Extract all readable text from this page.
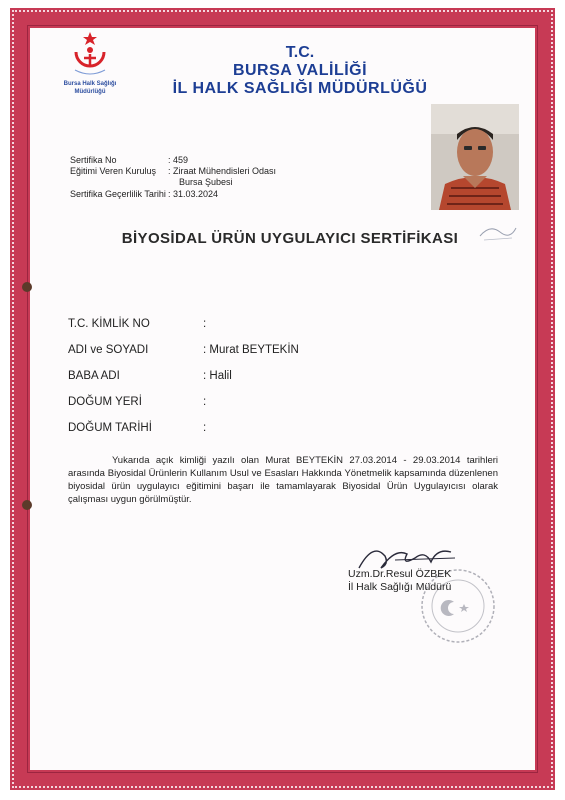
Bursa Halk Sağlığı
Müdürlüğü
T.C.
BURSA VALİLİĞİ
İL HALK SAĞLIĞI MÜDÜRLÜĞÜ
Sertifika No	: 459
Eğitimi Veren Kuruluş : Ziraat Mühendisleri Odası
Bursa Şubesi
Sertifika Geçerlilik Tarihi : 31.03.2024
BİYOSİDAL ÜRÜN UYGULAYICI SERTİFİKASI
T.C. KİMLİK NO	:
ADI ve SOYADI	: Murat BEYTEKİN
BABA ADI	: Halil
DOĞUM YERİ	:
DOĞUM TARİHİ	:
Yukarıda açık kimliği yazılı olan Murat BEYTEKİN 27.03.2014 - 29.03.2014 tarihleri arasında Biyosidal Ürünlerin Kullanım Usul ve Esasları Hakkında Yönetmelik kapsamında düzenlenen biyosidal ürün uygulayıcı eğitimini başarı ile tamamlayarak Biyosidal Ürün Uygulayıcısı olarak çalışması uygun görülmüştür.
Uzm.Dr.Resul ÖZBEK
İl Halk Sağlığı Müdürü
